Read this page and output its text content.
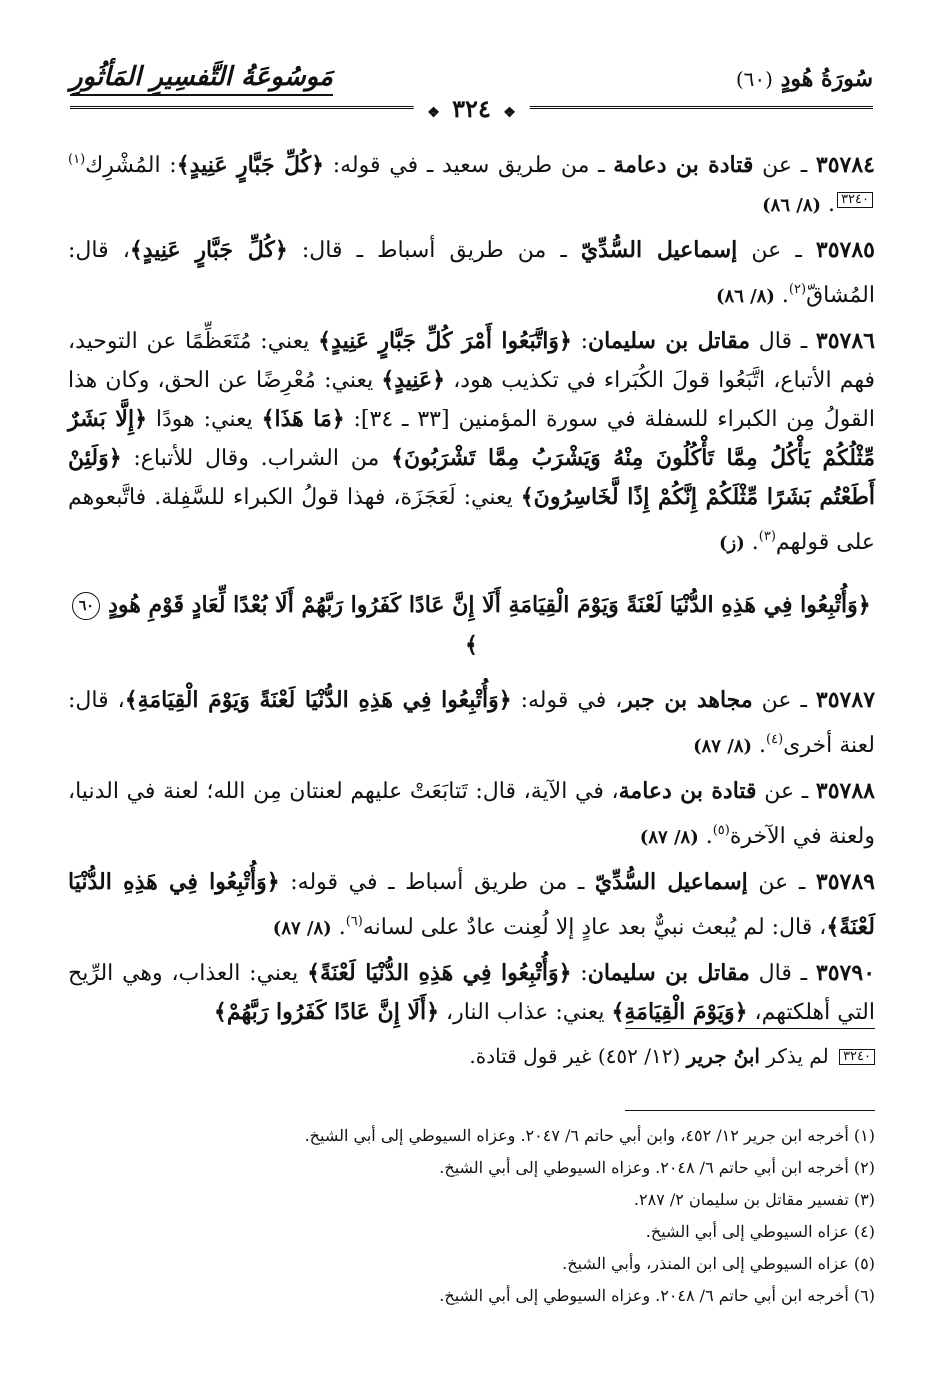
سُورَةُ هُودٍ (٦٠)
مَوسُوعَةُ التَّفسِيرِ المَأثُورِ
❖ ٣٢٤ ❖

٣٥٧٨٤ ـ عن قتادة بن دعامة ـ من طريق سعيد ـ في قوله: ﴿كُلِّ جَبَّارٍ عَنِيدٍ﴾: المُشْرِك$^{(١)}$٣٢٤٠. (٨/ ٨٦)

٣٥٧٨٥ ـ عن إسماعيل السُّدِّيّ ـ من طريق أسباط ـ قال: ﴿كُلِّ جَبَّارٍ عَنِيدٍ﴾، قال: المُشاقّ$^{(٢)}$. (٨/ ٨٦)

٣٥٧٨٦ ـ قال مقاتل بن سليمان: ﴿وَاتَّبَعُوا أَمْرَ كُلِّ جَبَّارٍ عَنِيدٍ﴾ يعني: مُتَعَظِّمًا عن التوحيد، فهم الأتباع، اتَّبَعُوا قولَ الكُبَراء في تكذيب هود، ﴿عَنِيدٍ﴾ يعني: مُعْرِضًا عن الحق، وكان هذا القولُ مِن الكبراء للسفلة في سورة المؤمنين [٣٣ ـ ٣٤]: ﴿مَا هَذَا﴾ يعني: هودًا ﴿إِلَّا بَشَرٌ مِّثْلُكُمْ يَأْكُلُ مِمَّا تَأْكُلُونَ مِنْهُ وَيَشْرَبُ مِمَّا تَشْرَبُونَ﴾ من الشراب. وقال للأتباع: ﴿وَلَئِنْ أَطَعْتُم بَشَرًا مِّثْلَكُمْ إِنَّكُمْ إِذًا لَّخَاسِرُونَ﴾ يعني: لَعَجَزَة، فهذا قولُ الكبراء للسَّفِلة. فاتَّبعوهم على قولهم$^{(٣)}$. (ز)

﴿وَأُتْبِعُوا فِي هَذِهِ الدُّنْيَا لَعْنَةً وَيَوْمَ الْقِيَامَةِ أَلَا إِنَّ عَادًا كَفَرُوا رَبَّهُمْ أَلَا بُعْدًا لِّعَادٍ قَوْمِ هُودٍ ٦٠﴾

٣٥٧٨٧ ـ عن مجاهد بن جبر، في قوله: ﴿وَأُتْبِعُوا فِي هَذِهِ الدُّنْيَا لَعْنَةً وَيَوْمَ الْقِيَامَةِ﴾، قال: لعنة أخرى$^{(٤)}$. (٨/ ٨٧)

٣٥٧٨٨ ـ عن قتادة بن دعامة، في الآية، قال: تَتابَعَتْ عليهم لعنتان مِن الله؛ لعنة في الدنيا، ولعنة في الآخرة$^{(٥)}$. (٨/ ٨٧)

٣٥٧٨٩ ـ عن إسماعيل السُّدِّيّ ـ من طريق أسباط ـ في قوله: ﴿وَأُتْبِعُوا فِي هَذِهِ الدُّنْيَا لَعْنَةً﴾، قال: لم يُبعث نبيٌّ بعد عادٍ إلا لُعِنت عادٌ على لسانه$^{(٦)}$. (٨/ ٨٧)

٣٥٧٩٠ ـ قال مقاتل بن سليمان: ﴿وَأُتْبِعُوا فِي هَذِهِ الدُّنْيَا لَعْنَةً﴾ يعني: العذاب، وهي الرِّيح التي أهلكتهم، ﴿وَيَوْمَ الْقِيَامَةِ﴾ يعني: عذاب النار، ﴿أَلَا إِنَّ عَادًا كَفَرُوا رَبَّهُمْ﴾

٣٢٤٠ لم يذكر ابنُ جرير (١٢/ ٤٥٢) غير قول قتادة.

(١) أخرجه ابن جرير ١٢/ ٤٥٢، وابن أبي حاتم ٦/ ٢٠٤٧. وعزاه السيوطي إلى أبي الشيخ.

(٢) أخرجه ابن أبي حاتم ٦/ ٢٠٤٨. وعزاه السيوطي إلى أبي الشيخ.

(٣) تفسير مقاتل بن سليمان ٢/ ٢٨٧.

(٤) عزاه السيوطي إلى أبي الشيخ.

(٥) عزاه السيوطي إلى ابن المنذر، وأبي الشيخ.

(٦) أخرجه ابن أبي حاتم ٦/ ٢٠٤٨. وعزاه السيوطي إلى أبي الشيخ.
